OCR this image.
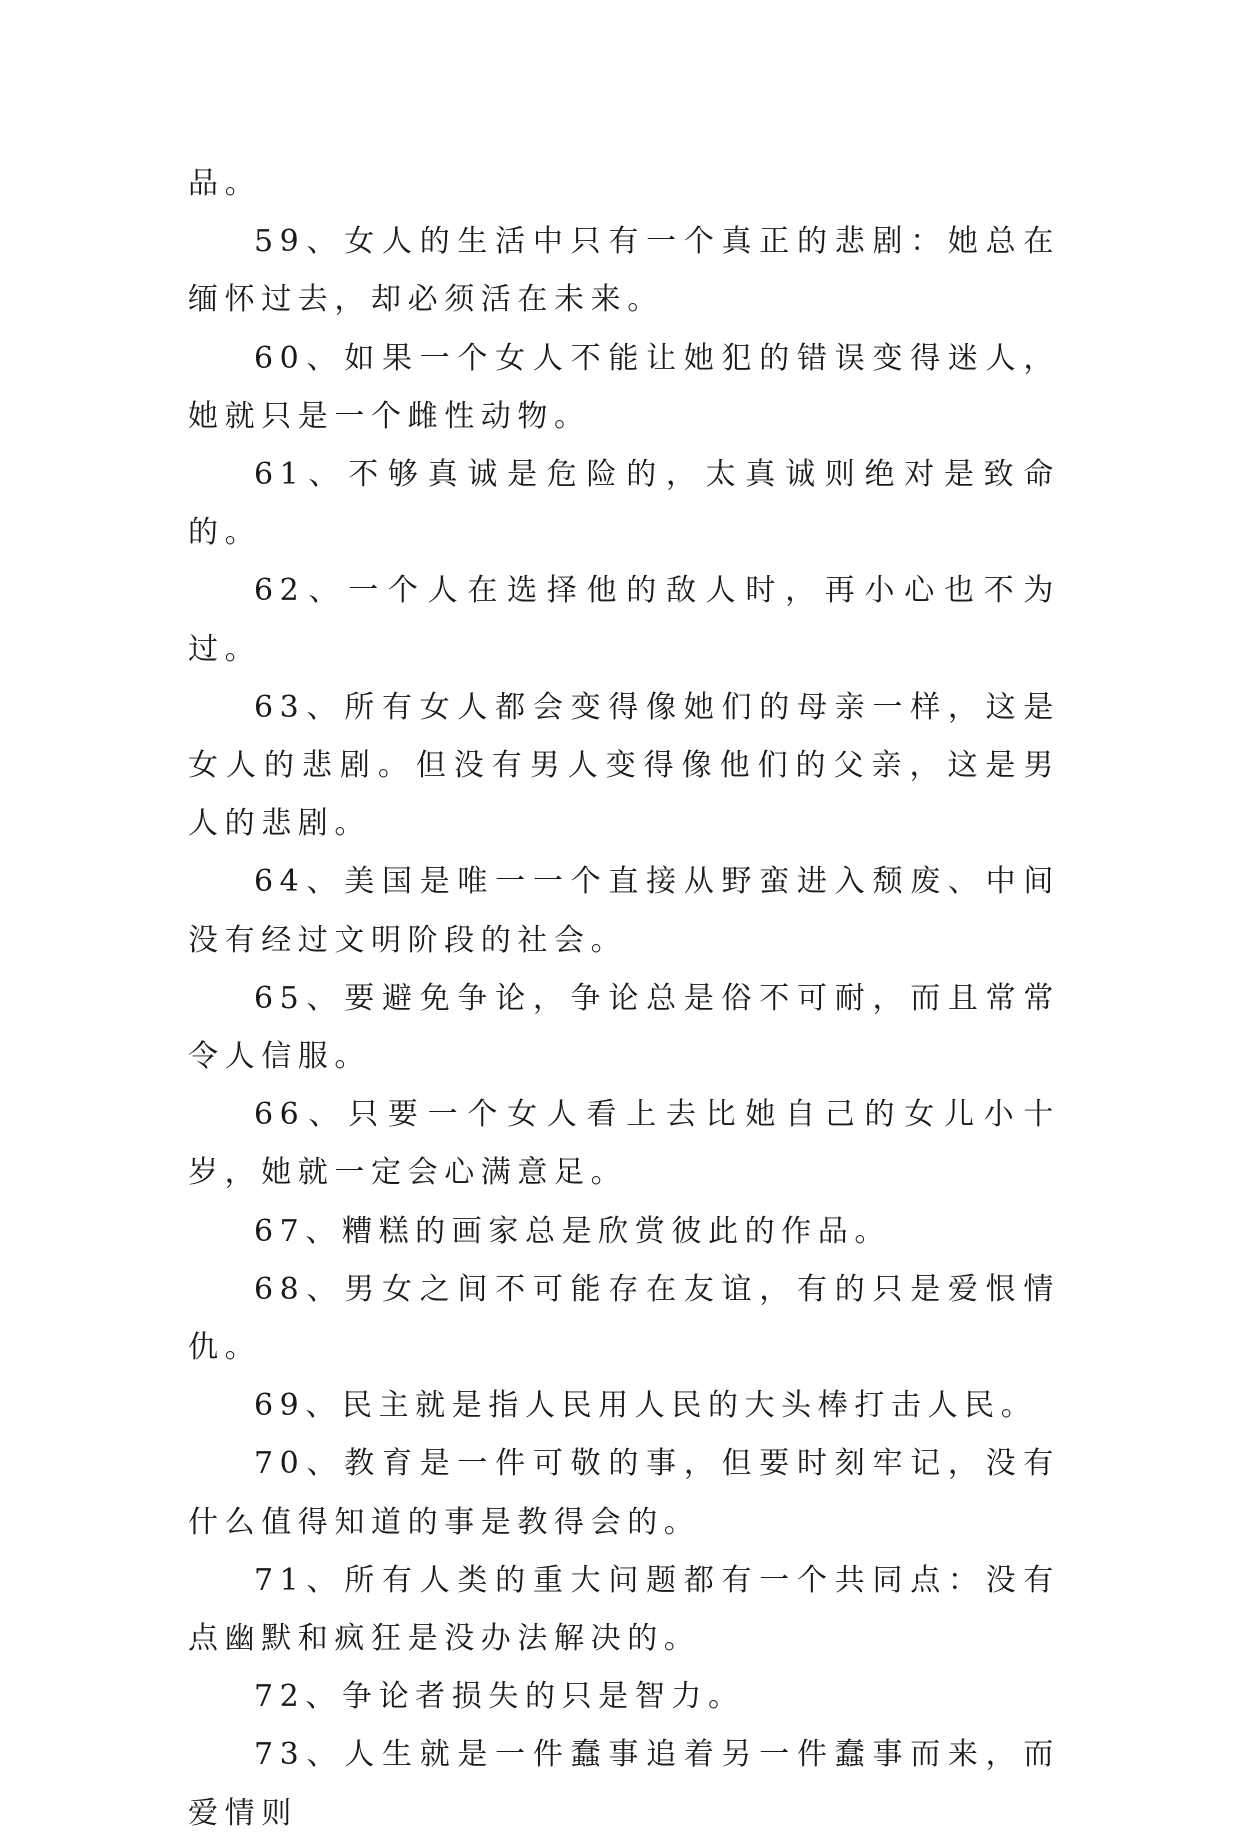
品。

59、女人的生活中只有一个真正的悲剧：她总在缅怀过去，却必须活在未来。

60、如果一个女人不能让她犯的错误变得迷人，她就只是一个雌性动物。

61、不够真诚是危险的，太真诚则绝对是致命的。

62、一个人在选择他的敌人时，再小心也不为过。

63、所有女人都会变得像她们的母亲一样，这是女人的悲剧。但没有男人变得像他们的父亲，这是男人的悲剧。

64、美国是唯一一个直接从野蛮进入颓废、中间没有经过文明阶段的社会。

65、要避免争论，争论总是俗不可耐，而且常常令人信服。

66、只要一个女人看上去比她自己的女儿小十岁，她就一定会心满意足。

67、糟糕的画家总是欣赏彼此的作品。

68、男女之间不可能存在友谊，有的只是爱恨情仇。

69、民主就是指人民用人民的大头棒打击人民。

70、教育是一件可敬的事，但要时刻牢记，没有什么值得知道的事是教得会的。

71、所有人类的重大问题都有一个共同点：没有点幽默和疯狂是没办法解决的。

72、争论者损失的只是智力。

73、人生就是一件蠢事追着另一件蠢事而来，而爱情则
